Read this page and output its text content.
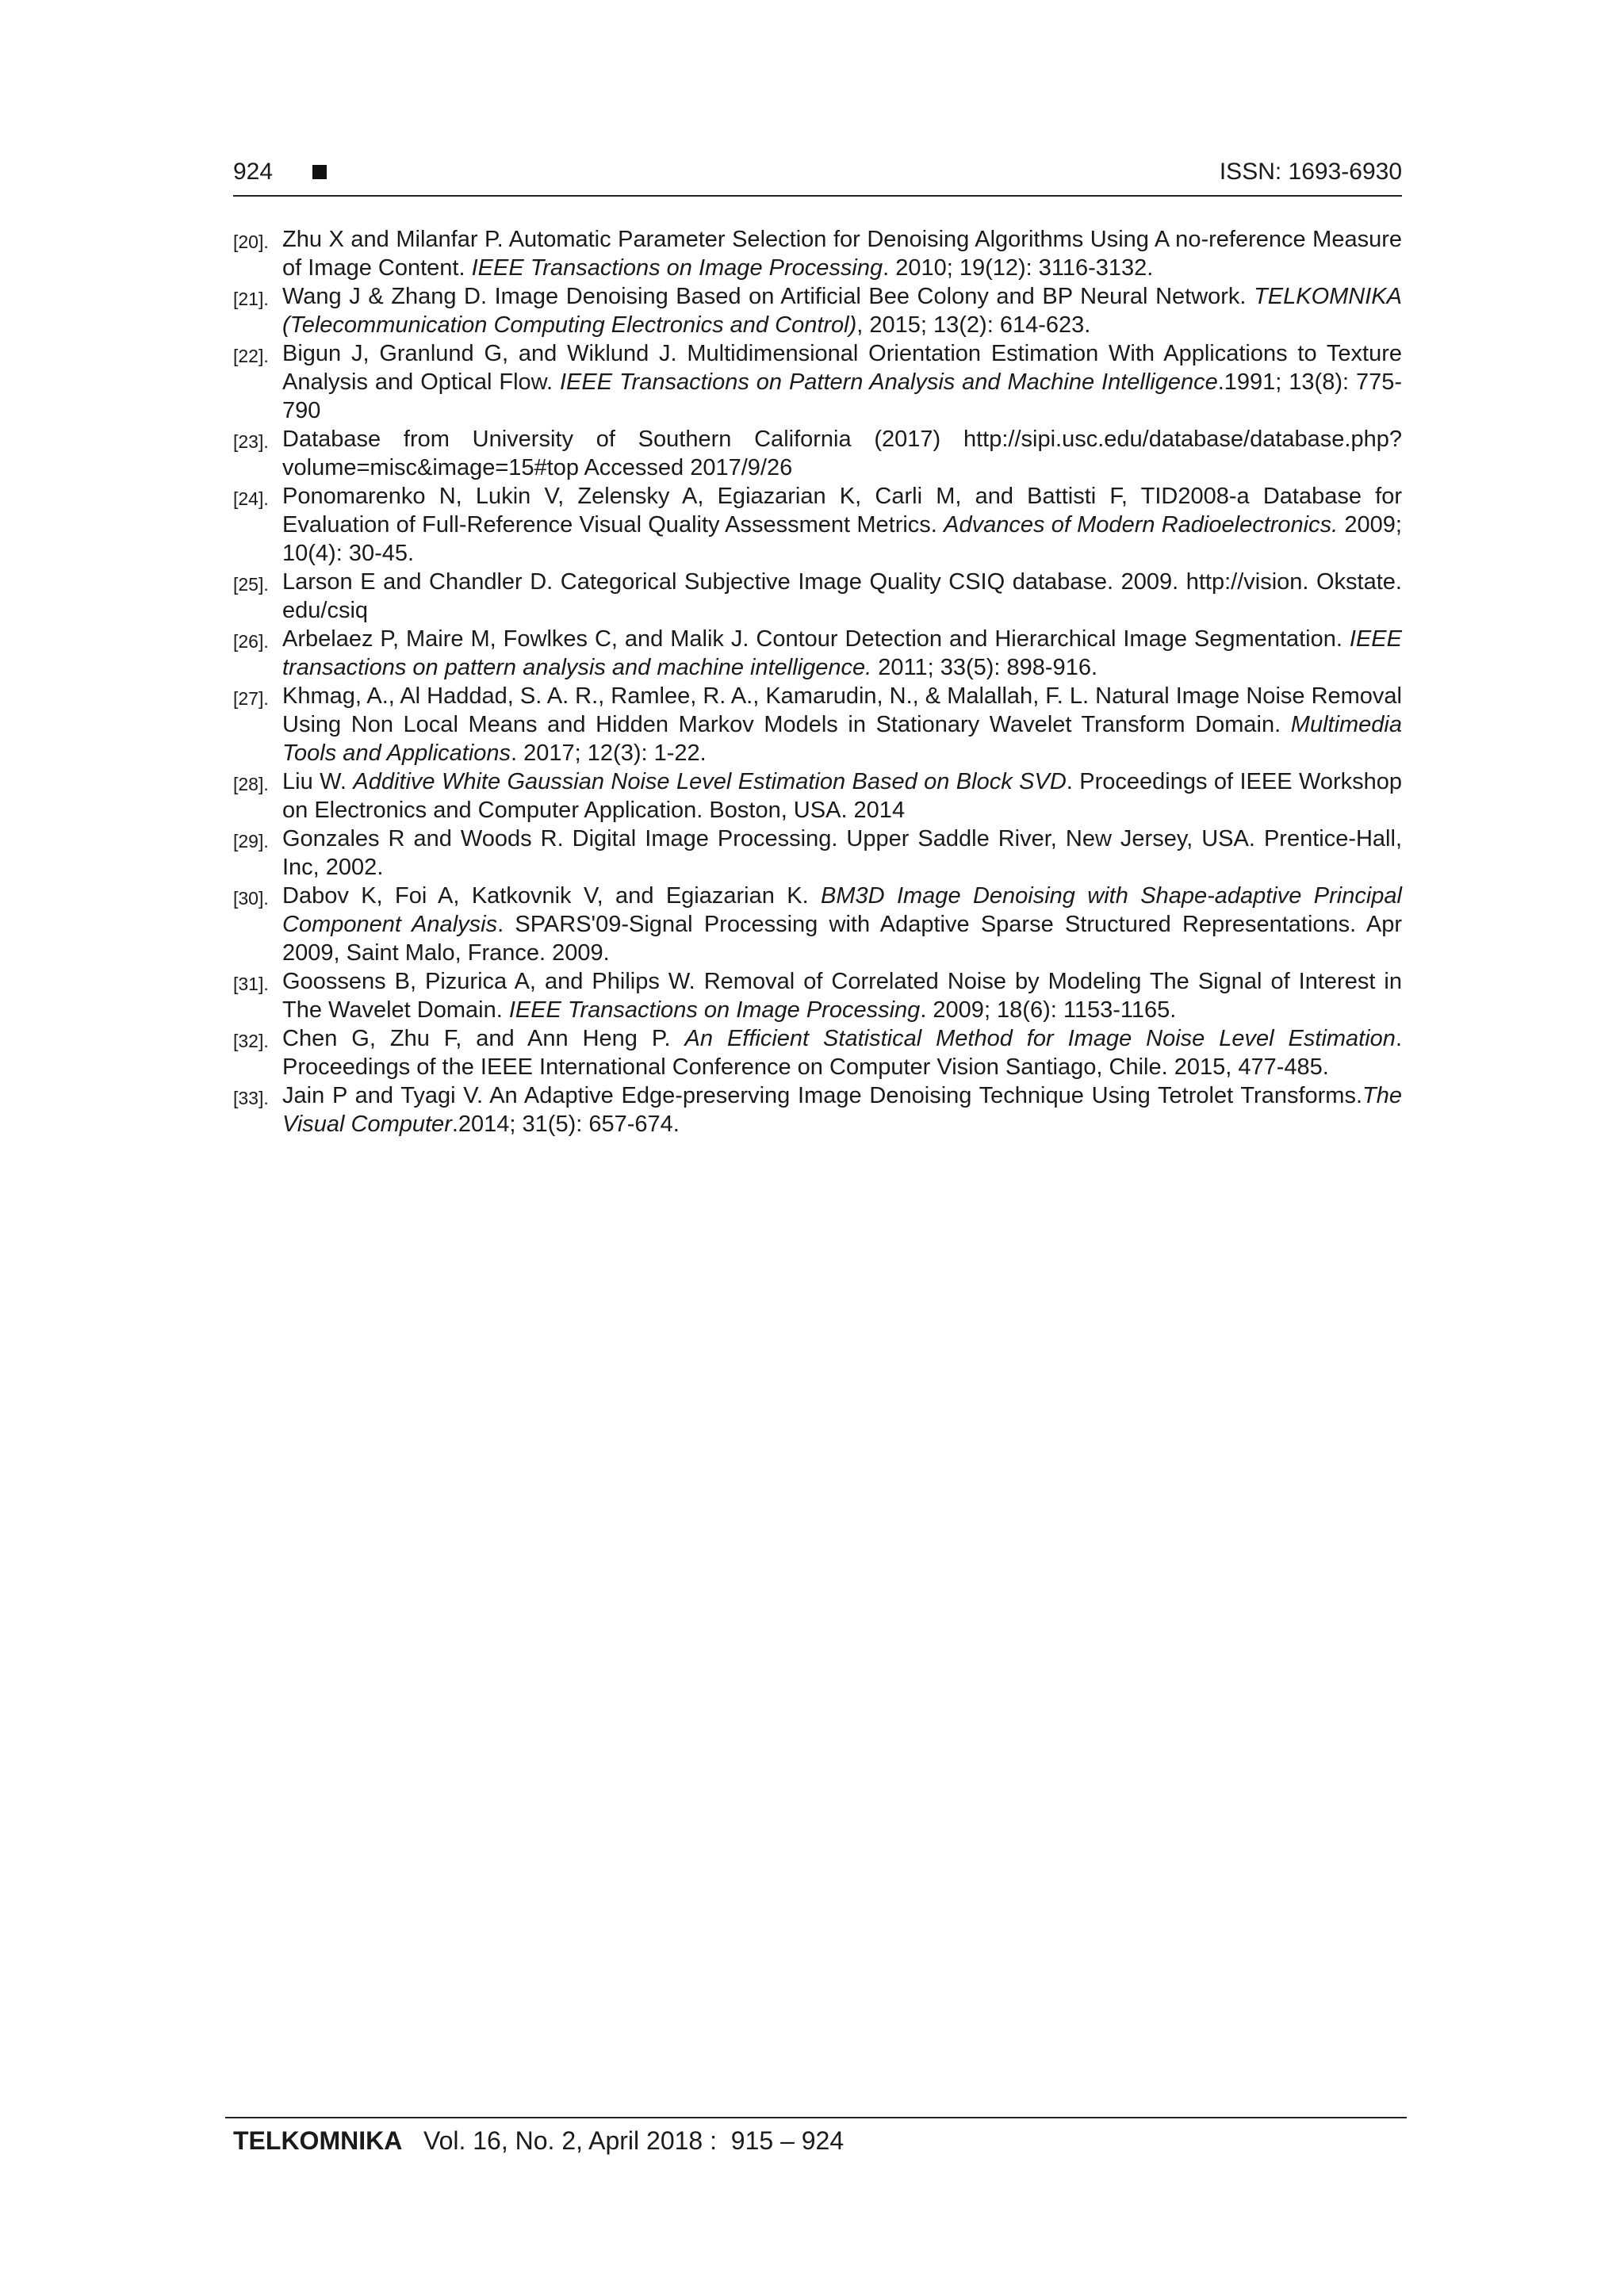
924	ISSN: 1693-6930
[20]. Zhu X and Milanfar P. Automatic Parameter Selection for Denoising Algorithms Using A no-reference Measure of Image Content. IEEE Transactions on Image Processing. 2010; 19(12): 3116-3132.
[21]. Wang J & Zhang D. Image Denoising Based on Artificial Bee Colony and BP Neural Network. TELKOMNIKA (Telecommunication Computing Electronics and Control), 2015; 13(2): 614-623.
[22]. Bigun J, Granlund G, and Wiklund J. Multidimensional Orientation Estimation With Applications to Texture Analysis and Optical Flow. IEEE Transactions on Pattern Analysis and Machine Intelligence.1991; 13(8): 775-790
[23]. Database from University of Southern California (2017) http://sipi.usc.edu/database/database.php?volume=misc&image=15#top Accessed 2017/9/26
[24]. Ponomarenko N, Lukin V, Zelensky A, Egiazarian K, Carli M, and Battisti F, TID2008-a Database for Evaluation of Full-Reference Visual Quality Assessment Metrics. Advances of Modern Radioelectronics. 2009; 10(4): 30-45.
[25]. Larson E and Chandler D. Categorical Subjective Image Quality CSIQ database. 2009. http://vision. Okstate. edu/csiq
[26]. Arbelaez P, Maire M, Fowlkes C, and Malik J. Contour Detection and Hierarchical Image Segmentation. IEEE transactions on pattern analysis and machine intelligence. 2011; 33(5): 898-916.
[27]. Khmag, A., Al Haddad, S. A. R., Ramlee, R. A., Kamarudin, N., & Malallah, F. L. Natural Image Noise Removal Using Non Local Means and Hidden Markov Models in Stationary Wavelet Transform Domain. Multimedia Tools and Applications. 2017; 12(3): 1-22.
[28]. Liu W. Additive White Gaussian Noise Level Estimation Based on Block SVD. Proceedings of IEEE Workshop on Electronics and Computer Application. Boston, USA. 2014
[29]. Gonzales R and Woods R. Digital Image Processing. Upper Saddle River, New Jersey, USA. Prentice-Hall, Inc, 2002.
[30]. Dabov K, Foi A, Katkovnik V, and Egiazarian K. BM3D Image Denoising with Shape-adaptive Principal Component Analysis. SPARS'09-Signal Processing with Adaptive Sparse Structured Representations. Apr 2009, Saint Malo, France. 2009.
[31]. Goossens B, Pizurica A, and Philips W. Removal of Correlated Noise by Modeling The Signal of Interest in The Wavelet Domain. IEEE Transactions on Image Processing. 2009; 18(6): 1153-1165.
[32]. Chen G, Zhu F, and Ann Heng P. An Efficient Statistical Method for Image Noise Level Estimation. Proceedings of the IEEE International Conference on Computer Vision Santiago, Chile. 2015, 477-485.
[33]. Jain P and Tyagi V. An Adaptive Edge-preserving Image Denoising Technique Using Tetrolet Transforms.The Visual Computer.2014; 31(5): 657-674.
TELKOMNIKA   Vol. 16, No. 2, April 2018 :  915 – 924
